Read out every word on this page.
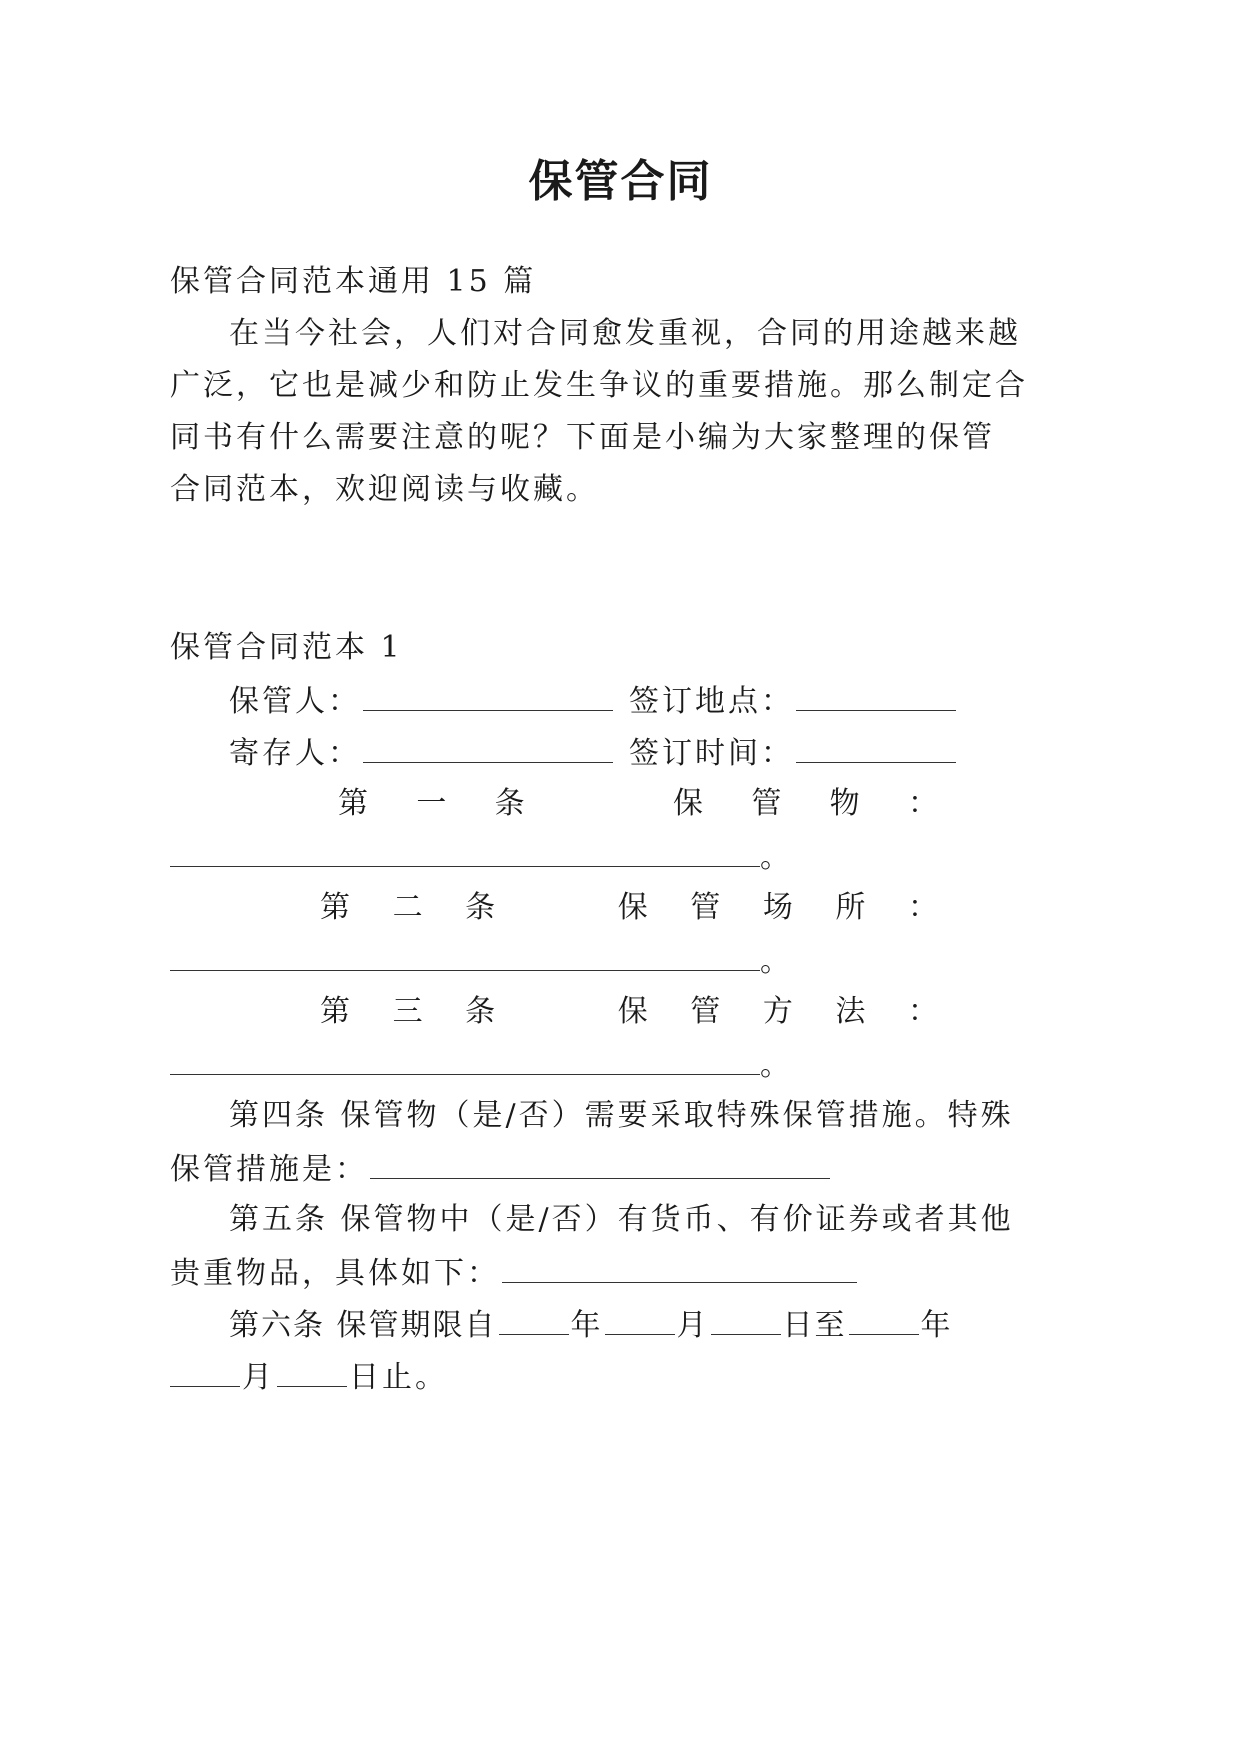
保管合同
保管合同范本通用 15 篇
在当今社会，人们对合同愈发重视，合同的用途越来越
广泛，它也是减少和防止发生争议的重要措施。那么制定合
同书有什么需要注意的呢？下面是小编为大家整理的保管
合同范本，欢迎阅读与收藏。
保管合同范本 1
保管人：	签订地点：
寄存人：	签订时间：
第 一 条	保 管 物 ：
。
第 二 条	保 管 场 所 ：
。
第 三 条	保 管 方 法 ：
。
第四条 保管物（是/否）需要采取特殊保管措施。特殊
保管措施是：
第五条 保管物中（是/否）有货币、有价证券或者其他
贵重物品，具体如下：
第六条 保管期限自 年 月 日至 年
月 日止。
